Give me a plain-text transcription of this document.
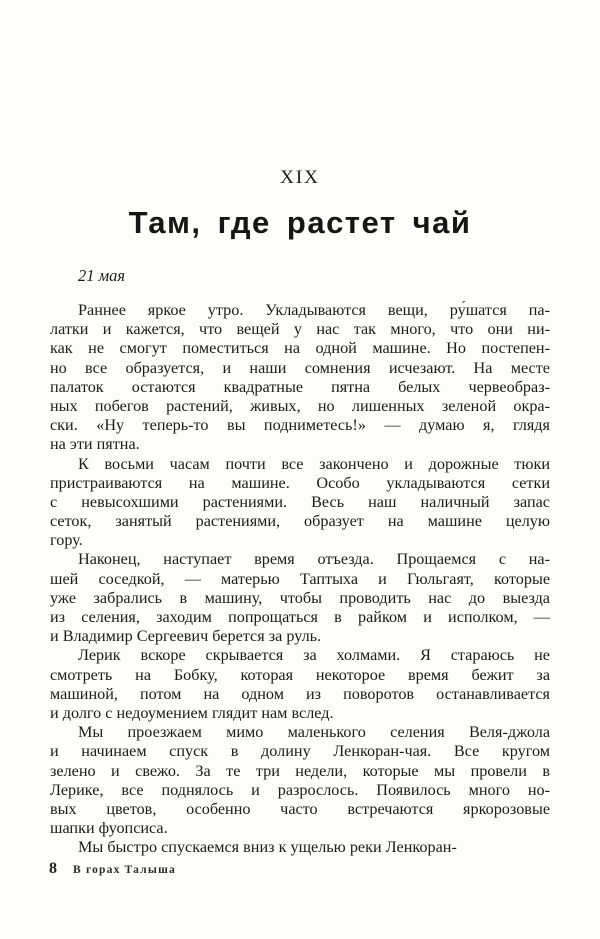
XIX
Там, где растет чай
21 мая
Раннее яркое утро. Укладываются вещи, ру́шатся па-
латки и кажется, что вещей у нас так много, что они ни-
как не смогут поместиться на одной машине. Но постепен-
но все образуется, и наши сомнения исчезают. На месте
палаток остаются квадратные пятна белых червеобраз-
ных побегов растений, живых, но лишенных зеленой окра-
ски. «Ну теперь-то вы подниметесь!» — думаю я, глядя
на эти пятна.
К восьми часам почти все закончено и дорожные тюки
пристраиваются на машине. Особо укладываются сетки
с невысохшими растениями. Весь наш наличный запас
сеток, занятый растениями, образует на машине целую
гору.
Наконец, наступает время отъезда. Прощаемся с на-
шей соседкой, — матерью Таптыха и Гюльгаят, которые
уже забрались в машину, чтобы проводить нас до выезда
из селения, заходим попрощаться в райком и исполком, —
и Владимир Сергеевич берется за руль.
Лерик вскоре скрывается за холмами. Я стараюсь не
смотреть на Бобку, которая некоторое время бежит за
машиной, потом на одном из поворотов останавливается
и долго с недоумением глядит нам вслед.
Мы проезжаем мимо маленького селения Веля-джола
и начинаем спуск в долину Ленкоран-чая. Все кругом
зелено и свежо. За те три недели, которые мы провели в
Лерике, все поднялось и разрослось. Появилось много но-
вых цветов, особенно часто встречаются яркорозовые
шапки фуопсиса.
Мы быстро спускаемся вниз к ущелью реки Ленкоран-
8 В горах Талыша
